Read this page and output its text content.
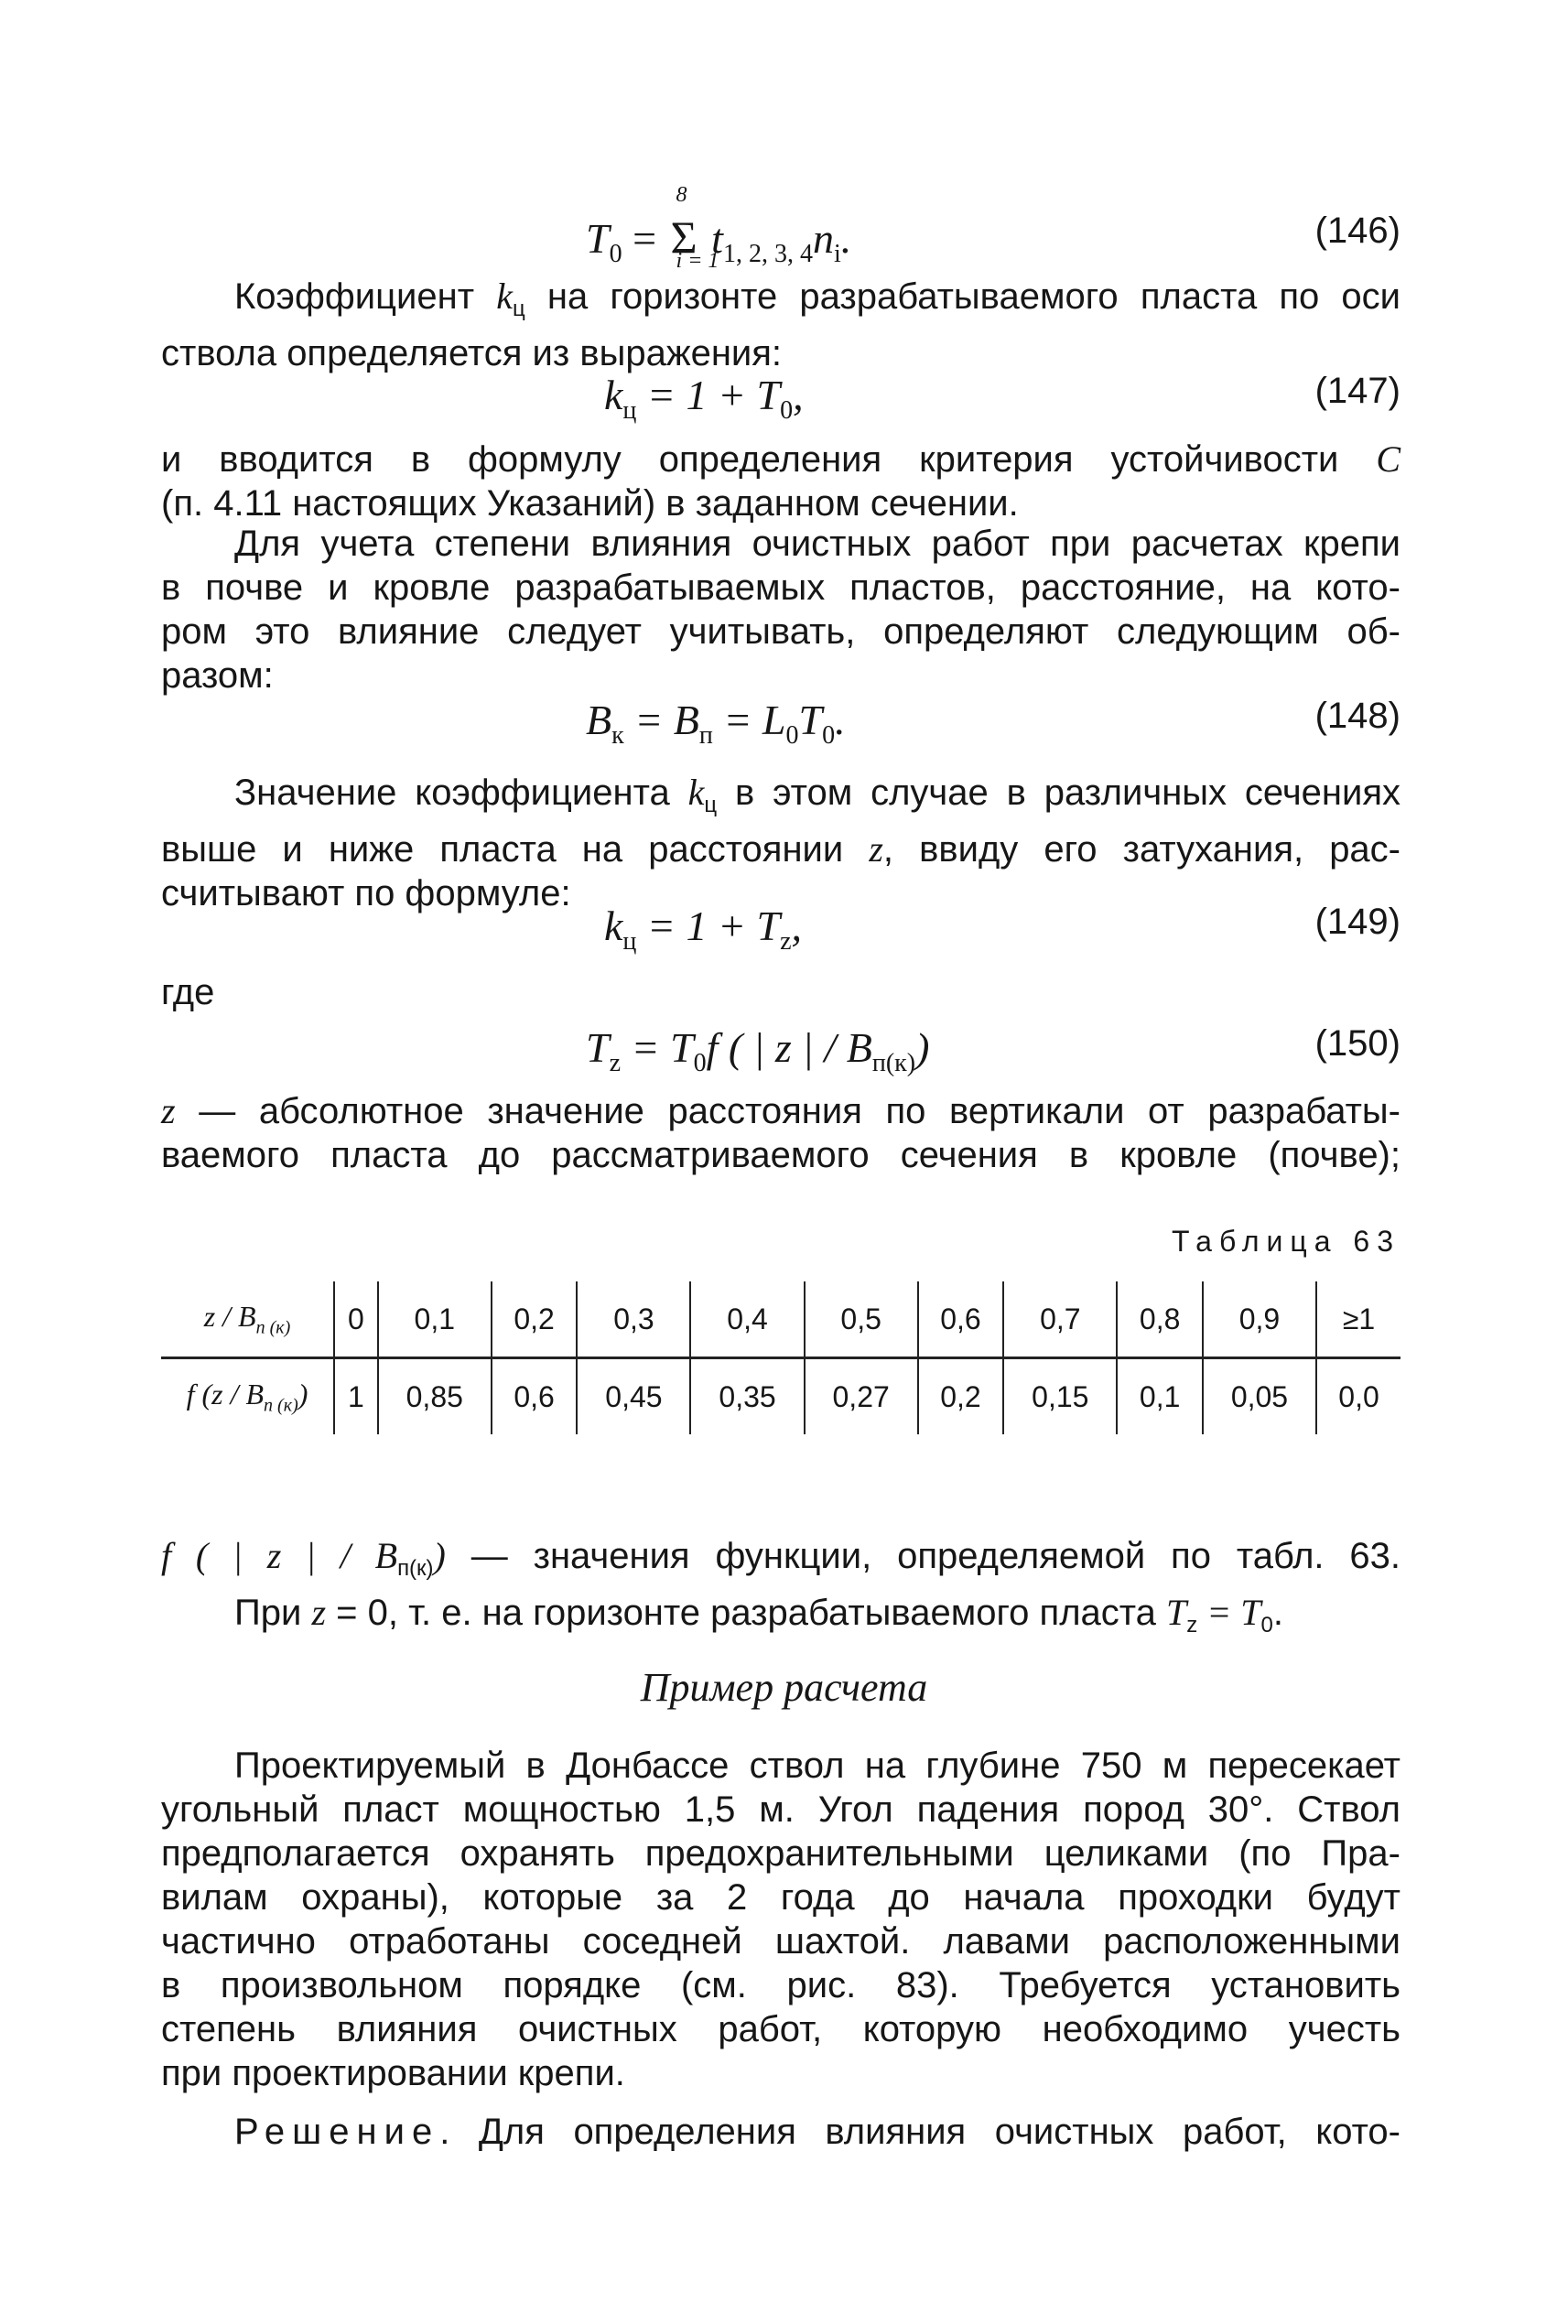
$T_0$ =
8
Σ
i = 1
$t_{1, 2, 3, 4}n_i$.	(146)
Коэффициент $k_ц$ на горизонте разрабатываемого пласта по оси
ствола определяется из выражения:
$k_ц = 1 + T_0$,	(147)
и вводится в формулу определения критерия устойчивости C
(п. 4.11 настоящих Указаний) в заданном сечении.
Для учета степени влияния очистных работ при расчетах крепи
в почве и кровле разрабатываемых пластов, расстояние, на кото-
ром это влияние следует учитывать, определяют следующим об-
разом:
$B_к = B_п = L_0T_0$.	(148)
Значение коэффициента $k_ц$ в этом случае в различных сечениях
выше и ниже пласта на расстоянии z, ввиду его затухания, рас-
считывают по формуле:
$k_ц = 1 + T_z$,	(149)
где
$T_z = T_0f$ ( | z | / $B_{п(к)}$)	(150)
z — абсолютное значение расстояния по вертикали от разрабаты-
ваемого пласта до рассматриваемого сечения в кровле (почве);
Таблица 63
z / $B_{п (к)}$	0	0,1	0,2	0,3	0,4	0,5	0,6	0,7	0,8	0,9	≥1
f $(z / B_{п (к)})$	1	0,85	0,6	0,45	0,35	0,27	0,2	0,15	0,1	0,05	0,0
f ( | z | / $B_{п(к)}$) — значения функции, определяемой по табл. 63.
При z = 0, т. е. на горизонте разрабатываемого пласта $T_z = T_0$.
Пример расчета
Проектируемый в Донбассе ствол на глубине 750 м пересекает
угольный пласт мощностью 1,5 м. Угол падения пород 30°. Ствол
предполагается охранять предохранительными целиками (по Пра-
вилам охраны), которые за 2 года до начала проходки будут
частично отработаны соседней шахтой. лавами расположенными
в произвольном порядке (см. рис. 83). Требуется установить
степень влияния очистных работ, которую необходимо учесть
при проектировании крепи.
Решение. Для определения влияния очистных работ, кото-
